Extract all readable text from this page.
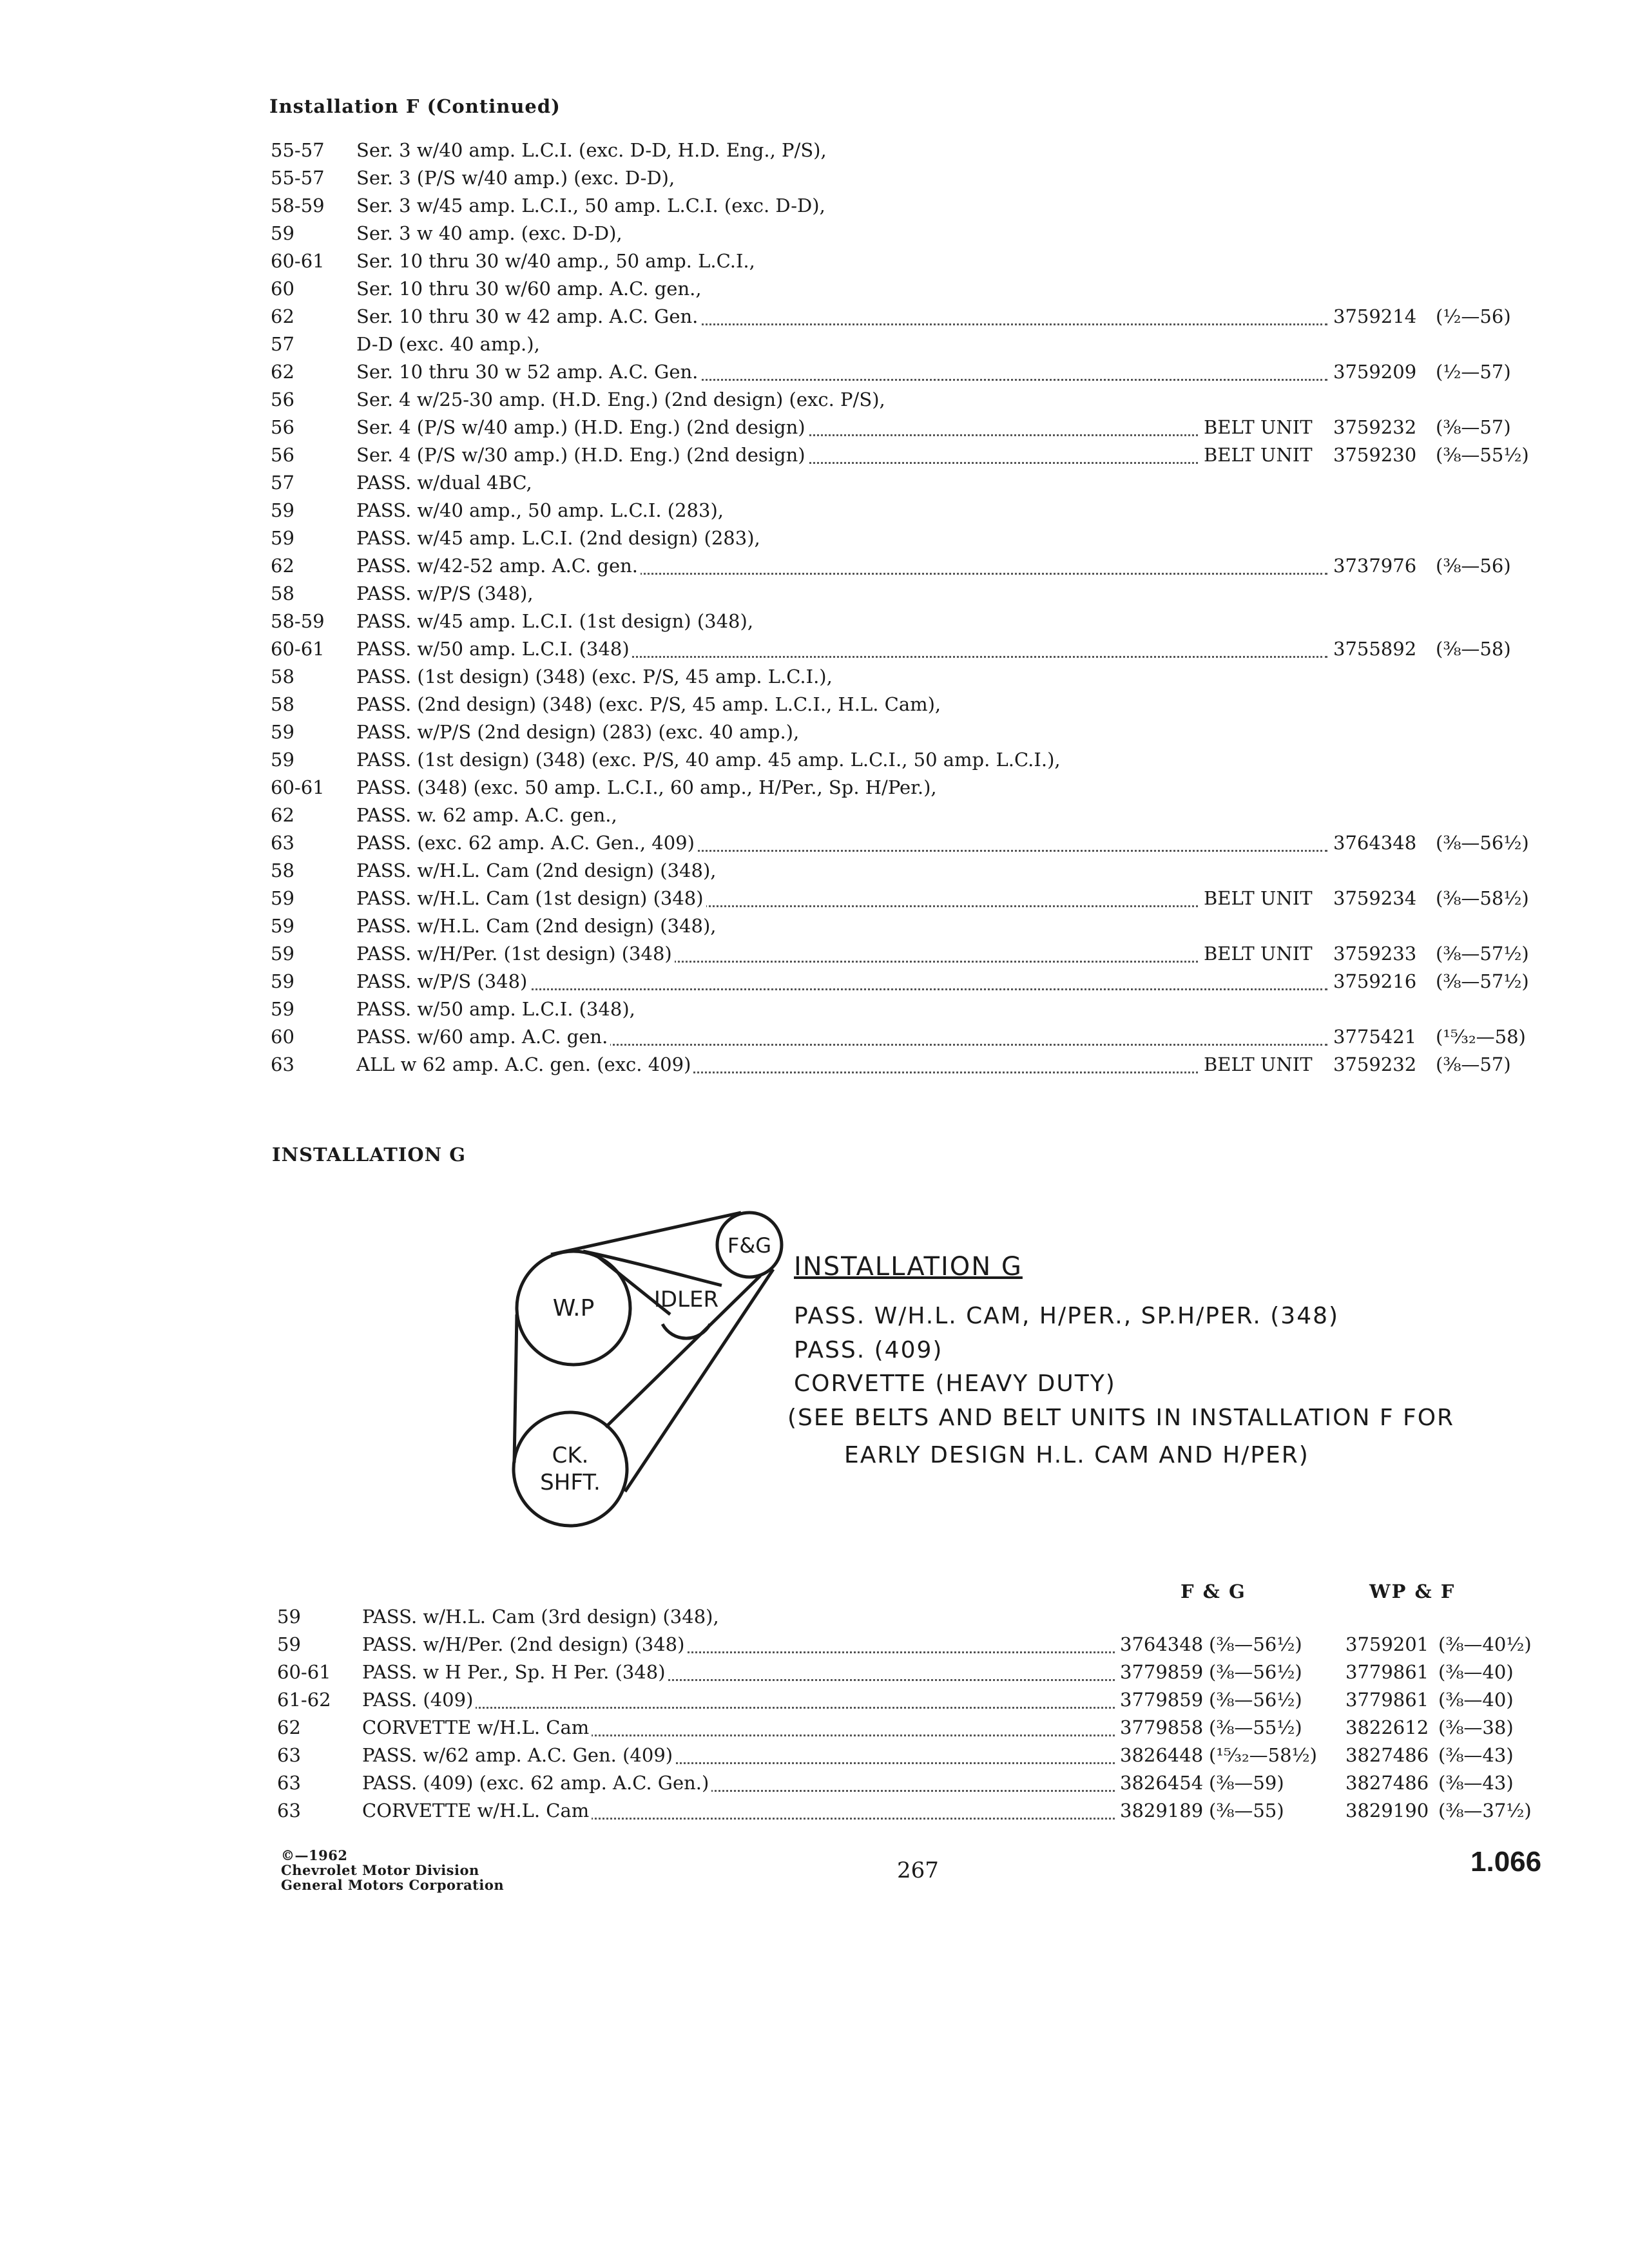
Installation F (Continued)
55-57 Ser. 3 w/40 amp. L.C.I. (exc. D-D, H.D. Eng., P/S),
55-57 Ser. 3 (P/S w/40 amp.) (exc. D-D),
58-59 Ser. 3 w/45 amp. L.C.I., 50 amp. L.C.I. (exc. D-D),
59	Ser. 3 w 40 amp. (exc. D-D),
60-61 Ser. 10 thru 30 w/40 amp., 50 amp. L.C.I.,
60	Ser. 10 thru 30 w/60 amp. A.C. gen.,
62	Ser. 10 thru 30 w 42 amp. A.C. Gen.	3759214 (½—56)
57	D-D (exc. 40 amp.),
62	Ser. 10 thru 30 w 52 amp. A.C. Gen.	3759209 (½—57)
56	Ser. 4 w/25-30 amp. (H.D. Eng.) (2nd design) (exc. P/S),
56	Ser. 4 (P/S w/40 amp.) (H.D. Eng.) (2nd design)	BELT UNIT 3759232 (⅜—57)
56	Ser. 4 (P/S w/30 amp.) (H.D. Eng.) (2nd design)	BELT UNIT 3759230 (⅜—55½)
57	PASS. w/dual 4BC,
59	PASS. w/40 amp., 50 amp. L.C.I. (283),
59	PASS. w/45 amp. L.C.I. (2nd design) (283),
62	PASS. w/42-52 amp. A.C. gen.	3737976 (⅜—56)
58	PASS. w/P/S (348),
58-59 PASS. w/45 amp. L.C.I. (1st design) (348),
60-61 PASS. w/50 amp. L.C.I. (348)	3755892 (⅜—58)
58	PASS. (1st design) (348) (exc. P/S, 45 amp. L.C.I.),
58	PASS. (2nd design) (348) (exc. P/S, 45 amp. L.C.I., H.L. Cam),
59	PASS. w/P/S (2nd design) (283) (exc. 40 amp.),
59	PASS. (1st design) (348) (exc. P/S, 40 amp. 45 amp. L.C.I., 50 amp. L.C.I.),
60-61 PASS. (348) (exc. 50 amp. L.C.I., 60 amp., H/Per., Sp. H/Per.),
62	PASS. w. 62 amp. A.C. gen.,
63	PASS. (exc. 62 amp. A.C. Gen., 409)	3764348 (⅜—56½)
58	PASS. w/H.L. Cam (2nd design) (348),
59	PASS. w/H.L. Cam (1st design) (348)	BELT UNIT 3759234 (⅜—58½)
59	PASS. w/H.L. Cam (2nd design) (348),
59	PASS. w/H/Per. (1st design) (348)	BELT UNIT 3759233 (⅜—57½)
59	PASS. w/P/S (348)	3759216 (⅜—57½)
59	PASS. w/50 amp. L.C.I. (348),
60	PASS. w/60 amp. A.C. gen.	3775421 (¹⁵⁄₃₂—58)
63	ALL w 62 amp. A.C. gen. (exc. 409)	BELT UNIT 3759232 (⅜—57)
INSTALLATION G
W.P	IDLER
F&G
CK.
SHFT.
INSTALLATION G
PASS. W/H.L. CAM, H/PER., SP.H/PER. (348)
PASS. (409)
CORVETTE (HEAVY DUTY)
(SEE BELTS AND BELT UNITS IN INSTALLATION F FOR
EARLY DESIGN H.L. CAM AND H/PER)
F & G	WP & F
59	PASS. w/H.L. Cam (3rd design) (348),
59	PASS. w/H/Per. (2nd design) (348)	3764348 (⅜—56½) 3759201 (⅜—40½)
60-61 PASS. w H Per., Sp. H Per. (348)	3779859 (⅜—56½) 3779861 (⅜—40)
61-62 PASS. (409)	3779859 (⅜—56½) 3779861 (⅜—40)
62	CORVETTE w/H.L. Cam	3779858 (⅜—55½) 3822612 (⅜—38)
63	PASS. w/62 amp. A.C. Gen. (409)	3826448 (¹⁵⁄₃₂—58½) 3827486 (⅜—43)
63	PASS. (409) (exc. 62 amp. A.C. Gen.)	3826454 (⅜—59)	3827486 (⅜—43)
63	CORVETTE w/H.L. Cam	3829189 (⅜—55)	3829190 (⅜—37½)
©—1962
Chevrolet Motor Division
General Motors Corporation
267	1.066
